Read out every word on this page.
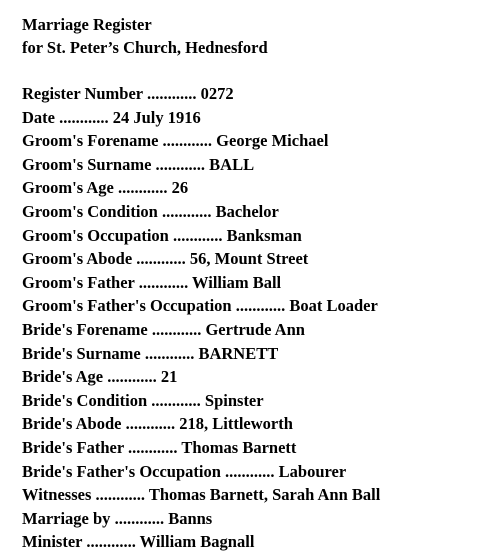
Marriage Register
for St. Peter’s Church, Hednesford
Register Number ............ 0272
Date ............ 24 July 1916
Groom's Forename ............ George Michael
Groom's Surname ............ BALL
Groom's Age ............ 26
Groom's Condition ............ Bachelor
Groom's Occupation ............ Banksman
Groom's Abode ............ 56, Mount Street
Groom's Father ............ William Ball
Groom's Father's Occupation ............ Boat Loader
Bride's Forename ............ Gertrude Ann
Bride's Surname ............ BARNETT
Bride's Age ............ 21
Bride's Condition ............ Spinster
Bride's Abode ............ 218, Littleworth
Bride's Father ............ Thomas Barnett
Bride's Father's Occupation ............ Labourer
Witnesses ............ Thomas Barnett, Sarah Ann Ball
Marriage by ............ Banns
Minister ............ William Bagnall
